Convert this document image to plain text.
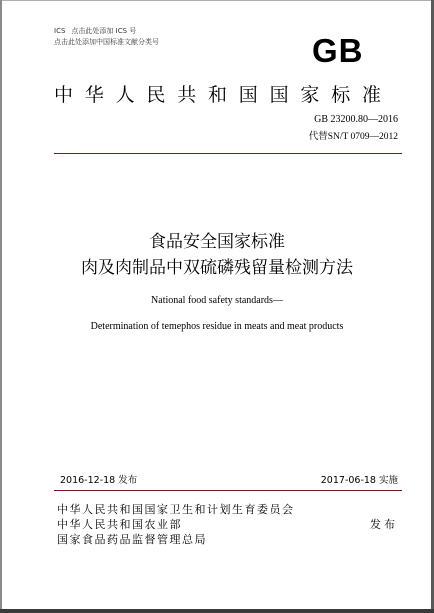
ICS 点击此处添加 ICS 号
点击此处添加中国标准文献分类号	GB
中华人民共和国国家标准
GB 23200.80—2016
代替SN/T 0709—2012
食品安全国家标准
肉及肉制品中双硫磷残留量检测方法
National food safety standards—
Determination of temephos residue in meats and meat products
2016-12-18 发布	2017-06-18 实施
中华人民共和国国家卫生和计划生育委员会
中华人民共和国农业部
国家食品药品监督管理总局
发布
